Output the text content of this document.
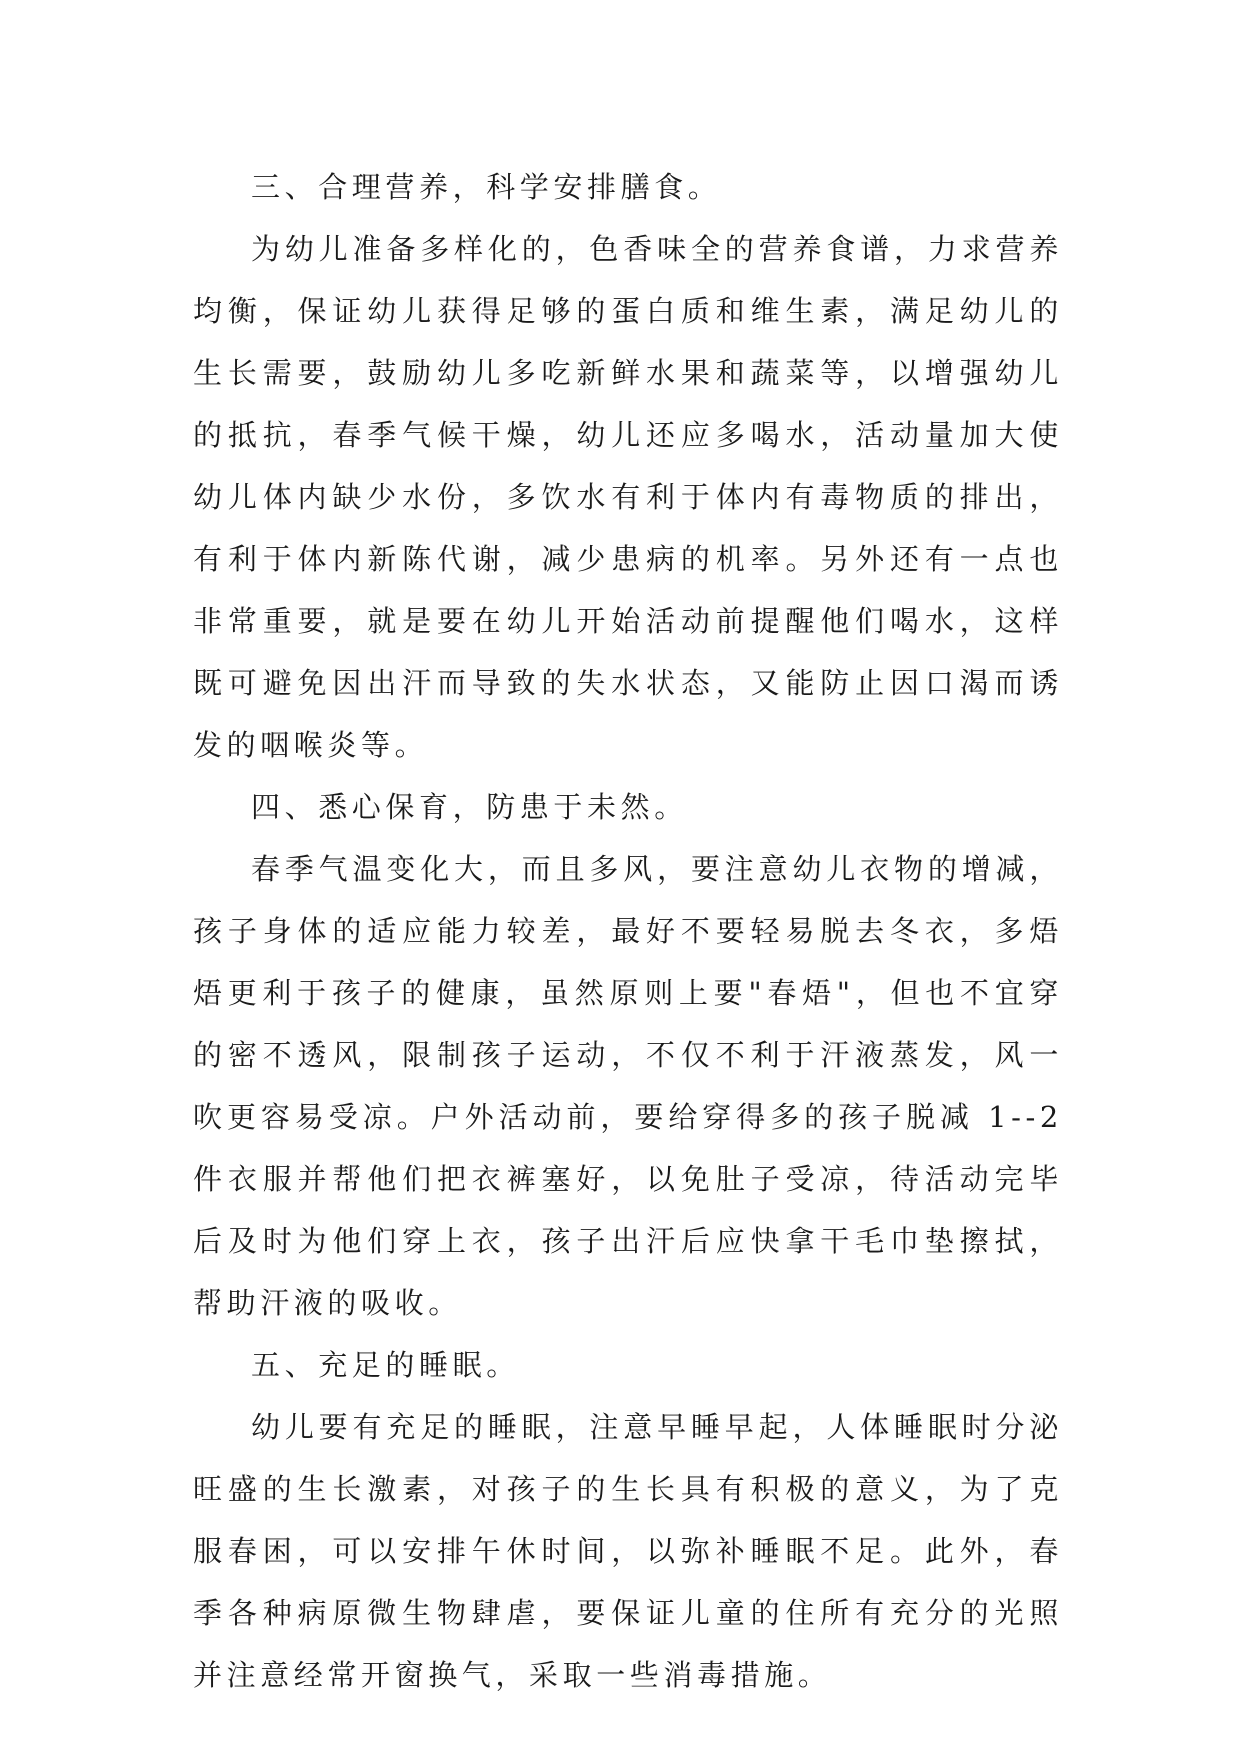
三、合理营养，科学安排膳食。

为幼儿准备多样化的，色香味全的营养食谱，力求营养均衡，保证幼儿获得足够的蛋白质和维生素，满足幼儿的生长需要，鼓励幼儿多吃新鲜水果和蔬菜等，以增强幼儿的抵抗，春季气候干燥，幼儿还应多喝水，活动量加大使幼儿体内缺少水份，多饮水有利于体内有毒物质的排出，有利于体内新陈代谢，减少患病的机率。另外还有一点也非常重要，就是要在幼儿开始活动前提醒他们喝水，这样既可避免因出汗而导致的失水状态，又能防止因口渴而诱发的咽喉炎等。

四、悉心保育，防患于未然。

春季气温变化大，而且多风，要注意幼儿衣物的增减，孩子身体的适应能力较差，最好不要轻易脱去冬衣，多焐焐更利于孩子的健康，虽然原则上要"春焐"，但也不宜穿的密不透风，限制孩子运动，不仅不利于汗液蒸发，风一吹更容易受凉。户外活动前，要给穿得多的孩子脱减 1--2 件衣服并帮他们把衣裤塞好，以免肚子受凉，待活动完毕后及时为他们穿上衣，孩子出汗后应快拿干毛巾垫擦拭，帮助汗液的吸收。

五、充足的睡眠。

幼儿要有充足的睡眠，注意早睡早起，人体睡眠时分泌旺盛的生长激素，对孩子的生长具有积极的意义，为了克服春困，可以安排午休时间，以弥补睡眠不足。此外，春季各种病原微生物肆虐，要保证儿童的住所有充分的光照并注意经常开窗换气，采取一些消毒措施。
